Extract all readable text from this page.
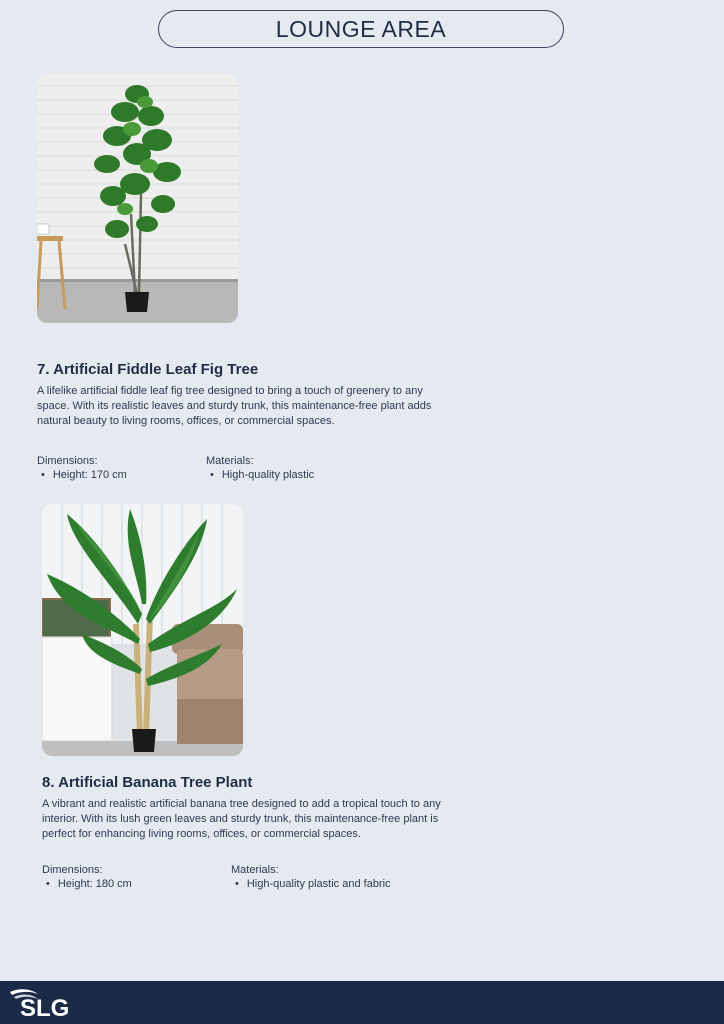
LOUNGE AREA
7. Artificial Fiddle Leaf Fig Tree

A lifelike artificial fiddle leaf fig tree designed to bring a touch of greenery to any space. With its realistic leaves and sturdy trunk, this maintenance-free plant adds natural beauty to living rooms, offices, or commercial spaces.

Dimensions:
• Height: 170 cm
Materials:
• High-quality plastic
8. Artificial Banana Tree Plant

A vibrant and realistic artificial banana tree designed to add a tropical touch to any interior. With its lush green leaves and sturdy trunk, this maintenance-free plant is perfect for enhancing living rooms, offices, or commercial spaces.

Dimensions:
• Height: 180 cm
Materials:
• High-quality plastic and fabric
SLG
